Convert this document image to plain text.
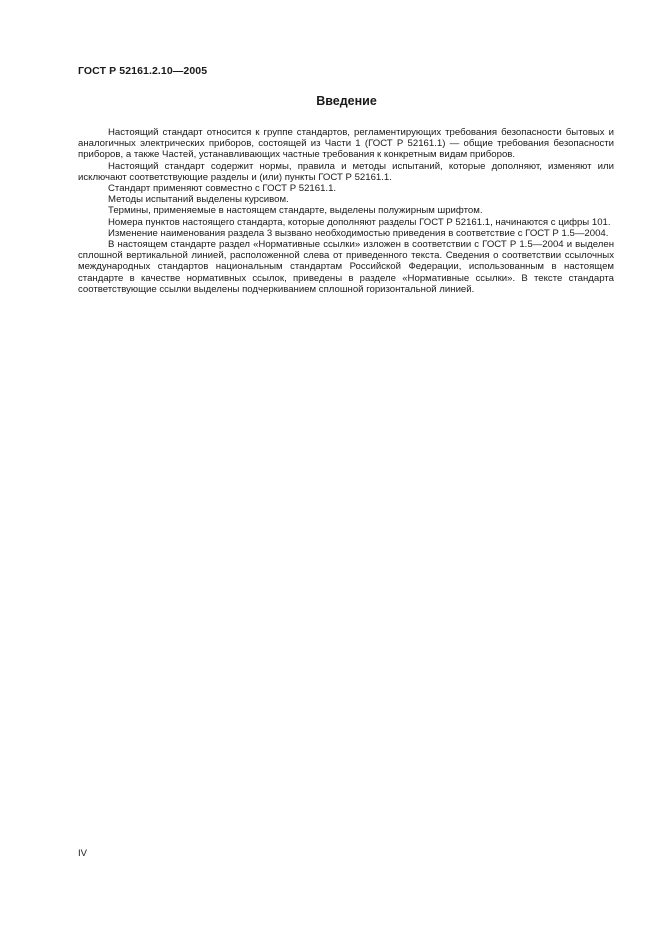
ГОСТ Р 52161.2.10—2005
Введение

Настоящий стандарт относится к группе стандартов, регламентирующих требования безопасности бытовых и аналогичных электрических приборов, состоящей из Части 1 (ГОСТ Р 52161.1) — общие требования безопасности приборов, а также Частей, устанавливающих частные требования к конкретным видам приборов.

Настоящий стандарт содержит нормы, правила и методы испытаний, которые дополняют, изменяют или исключают соответствующие разделы и (или) пункты ГОСТ Р 52161.1.

Стандарт применяют совместно с ГОСТ Р 52161.1.

Методы испытаний выделены курсивом.

Термины, применяемые в настоящем стандарте, выделены полужирным шрифтом.

Номера пунктов настоящего стандарта, которые дополняют разделы ГОСТ Р 52161.1, начинаются с цифры 101.

Изменение наименования раздела 3 вызвано необходимостью приведения в соответствие с ГОСТ Р 1.5—2004.

В настоящем стандарте раздел «Нормативные ссылки» изложен в соответствии с ГОСТ Р 1.5—2004 и выделен сплошной вертикальной линией, расположенной слева от приведенного текста. Сведения о соответствии ссылочных международных стандартов национальным стандартам Российской Федерации, использованным в настоящем стандарте в качестве нормативных ссылок, приведены в разделе «Нормативные ссылки». В тексте стандарта соответствующие ссылки выделены подчеркиванием сплошной горизонтальной линией.

IV
